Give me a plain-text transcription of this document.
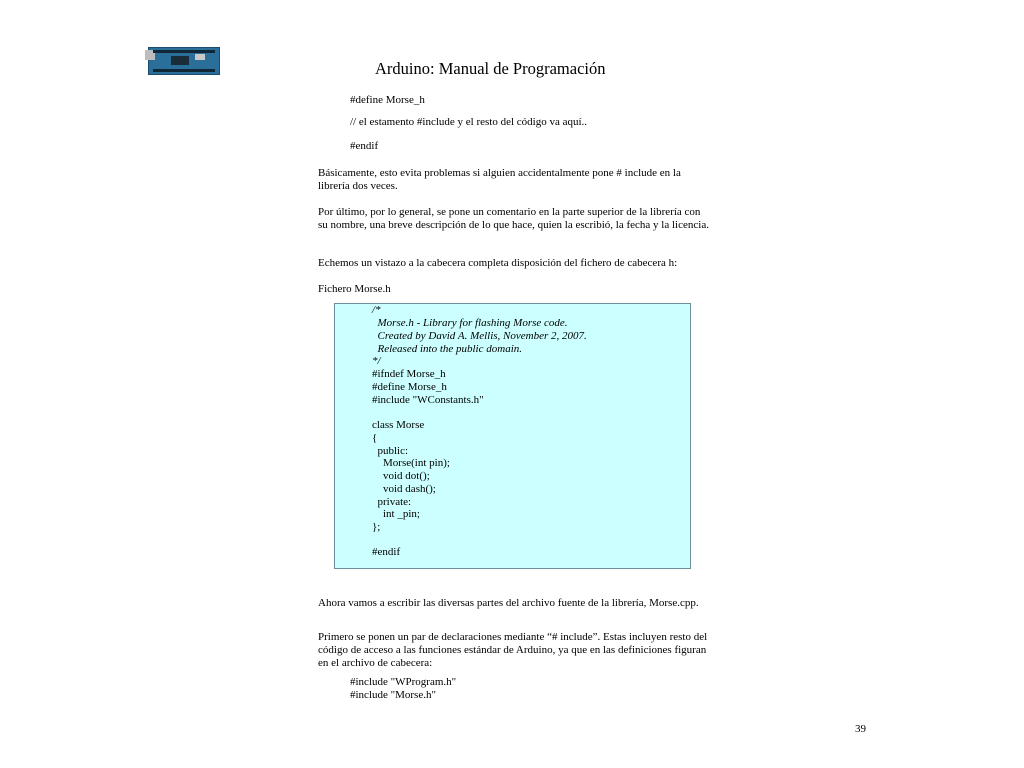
Arduino: Manual de Programación
#define Morse_h
// el estamento #include y el resto del código va aquí..
#endif
Básicamente, esto evita problemas si alguien accidentalmente pone # include en la librería dos veces.
Por último, por lo general, se pone un comentario en la parte superior de la librería con su nombre, una breve descripción de lo que hace, quien la escribió, la fecha y la licencia.
Echemos un vistazo a la cabecera completa disposición del fichero de cabecera h:
Fichero Morse.h
/*
Morse.h - Library for flashing Morse code.
Created by David A. Mellis, November 2, 2007.
Released into the public domain.
*/
#ifndef Morse_h
#define Morse_h
#include "WConstants.h"
class Morse
{
public:
Morse(int pin);
void dot();
void dash();
private:
int _pin;
};
#endif
Ahora vamos a escribir las diversas partes del archivo fuente de la librería, Morse.cpp.
Primero se ponen un par de declaraciones mediante “# include”. Estas incluyen resto del código de acceso a las funciones estándar de Arduino, ya que en las definiciones figuran en el archivo de cabecera:
#include "WProgram.h"
#include "Morse.h"
39
